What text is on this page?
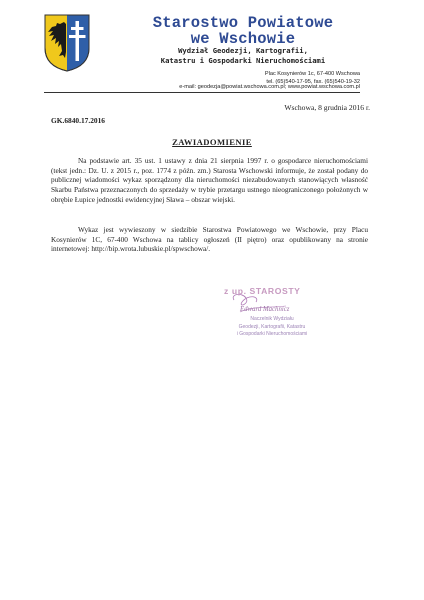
Starostwo Powiatowe
we Wschowie
Wydział Geodezji, Kartografii,
Katastru i Gospodarki Nieruchomościami
Plac Kosynierów 1c, 67-400 Wschowa
tel. (65)540-17-95, fax. (65)540-19-32
e-mail: geodezja@powiat.wschowa.com.pl; www.powiat.wschowa.com.pl
Wschowa, 8 grudnia 2016 r.
GK.6840.17.2016
ZAWIADOMIENIE
Na podstawie art. 35 ust. 1 ustawy z dnia 21 sierpnia 1997 r. o gospodarce nieruchomościami (tekst jedn.: Dz. U. z 2015 r., poz. 1774 z późn. zm.) Starosta Wschowski informuje, że został podany do publicznej wiadomości wykaz sporządzony dla nieruchomości niezabudowanych stanowiących własność Skarbu Państwa przeznaczonych do sprzedaży w trybie przetargu ustnego nieograniczonego położonych w obrębie Łupice jednostki ewidencyjnej Sława – obszar wiejski.
Wykaz jest wywieszony w siedzibie Starostwa Powiatowego we Wschowie, przy Placu Kosynierów 1C, 67-400 Wschowa na tablicy ogłoszeń (II piętro) oraz opublikowany na stronie internetowej: http://bip.wrota.lubuskie.pl/spwschowa/.
z up. STAROSTY
Edward Machnicz
Naczelnik Wydziału
Geodezji, Kartografii, Katastru
i Gospodarki Nieruchomościami
